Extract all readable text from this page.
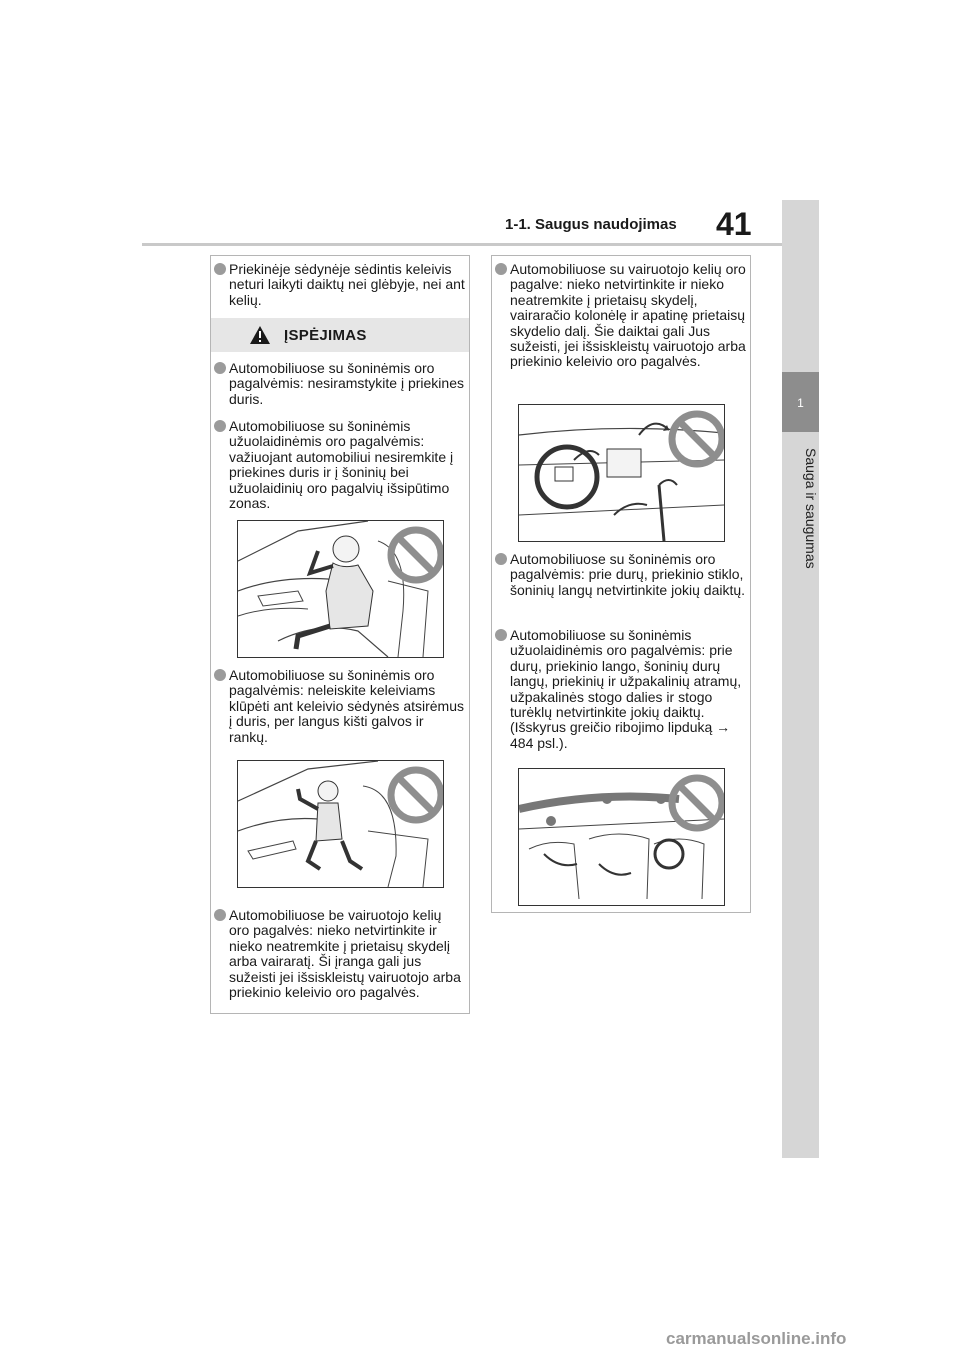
1-1. Saugus naudojimas 41
1
Sauga ir saugumas
Priekinėje sėdynėje sėdintis keleivis neturi laikyti daiktų nei glėbyje, nei ant kelių.
ĮSPĖJIMAS
Automobiliuose su šoninėmis oro pagalvėmis: nesiramstykite į priekines duris.
Automobiliuose su šoninėmis užuolaidinėmis oro pagalvėmis: važiuojant automobiliui nesiremkite į priekines duris ir į šoninių bei užuolaidinių oro pagalvių išsipūtimo zonas.
Automobiliuose su šoninėmis oro pagalvėmis: neleiskite keleiviams klūpėti ant keleivio sėdynės atsirėmus į duris, per langus kišti galvos ir rankų.
Automobiliuose be vairuotojo kelių oro pagalvės: nieko netvirtinkite ir nieko neatremkite į prietaisų skydelį arba vairaratį. Ši įranga gali jus sužeisti jei išsiskleistų vairuotojo arba priekinio keleivio oro pagalvės.
Automobiliuose su vairuotojo kelių oro pagalve: nieko netvirtinkite ir nieko neatremkite į prietaisų skydelį, vairaračio kolonėlę ir apatinę prietaisų skydelio dalį. Šie daiktai gali Jus sužeisti, jei išsiskleistų vairuotojo arba priekinio keleivio oro pagalvės.
Automobiliuose su šoninėmis oro pagalvėmis: prie durų, priekinio stiklo, šoninių langų netvirtinkite jokių daiktų.
Automobiliuose su šoninėmis užuolaidinėmis oro pagalvėmis: prie durų, priekinio lango, šoninių durų langų, priekinių ir užpakalinių atramų, užpakalinės stogo dalies ir stogo turėklų netvirtinkite jokių daiktų. (Išskyrus greičio ribojimo lipduką → 484 psl.).
carmanualsonline.info
